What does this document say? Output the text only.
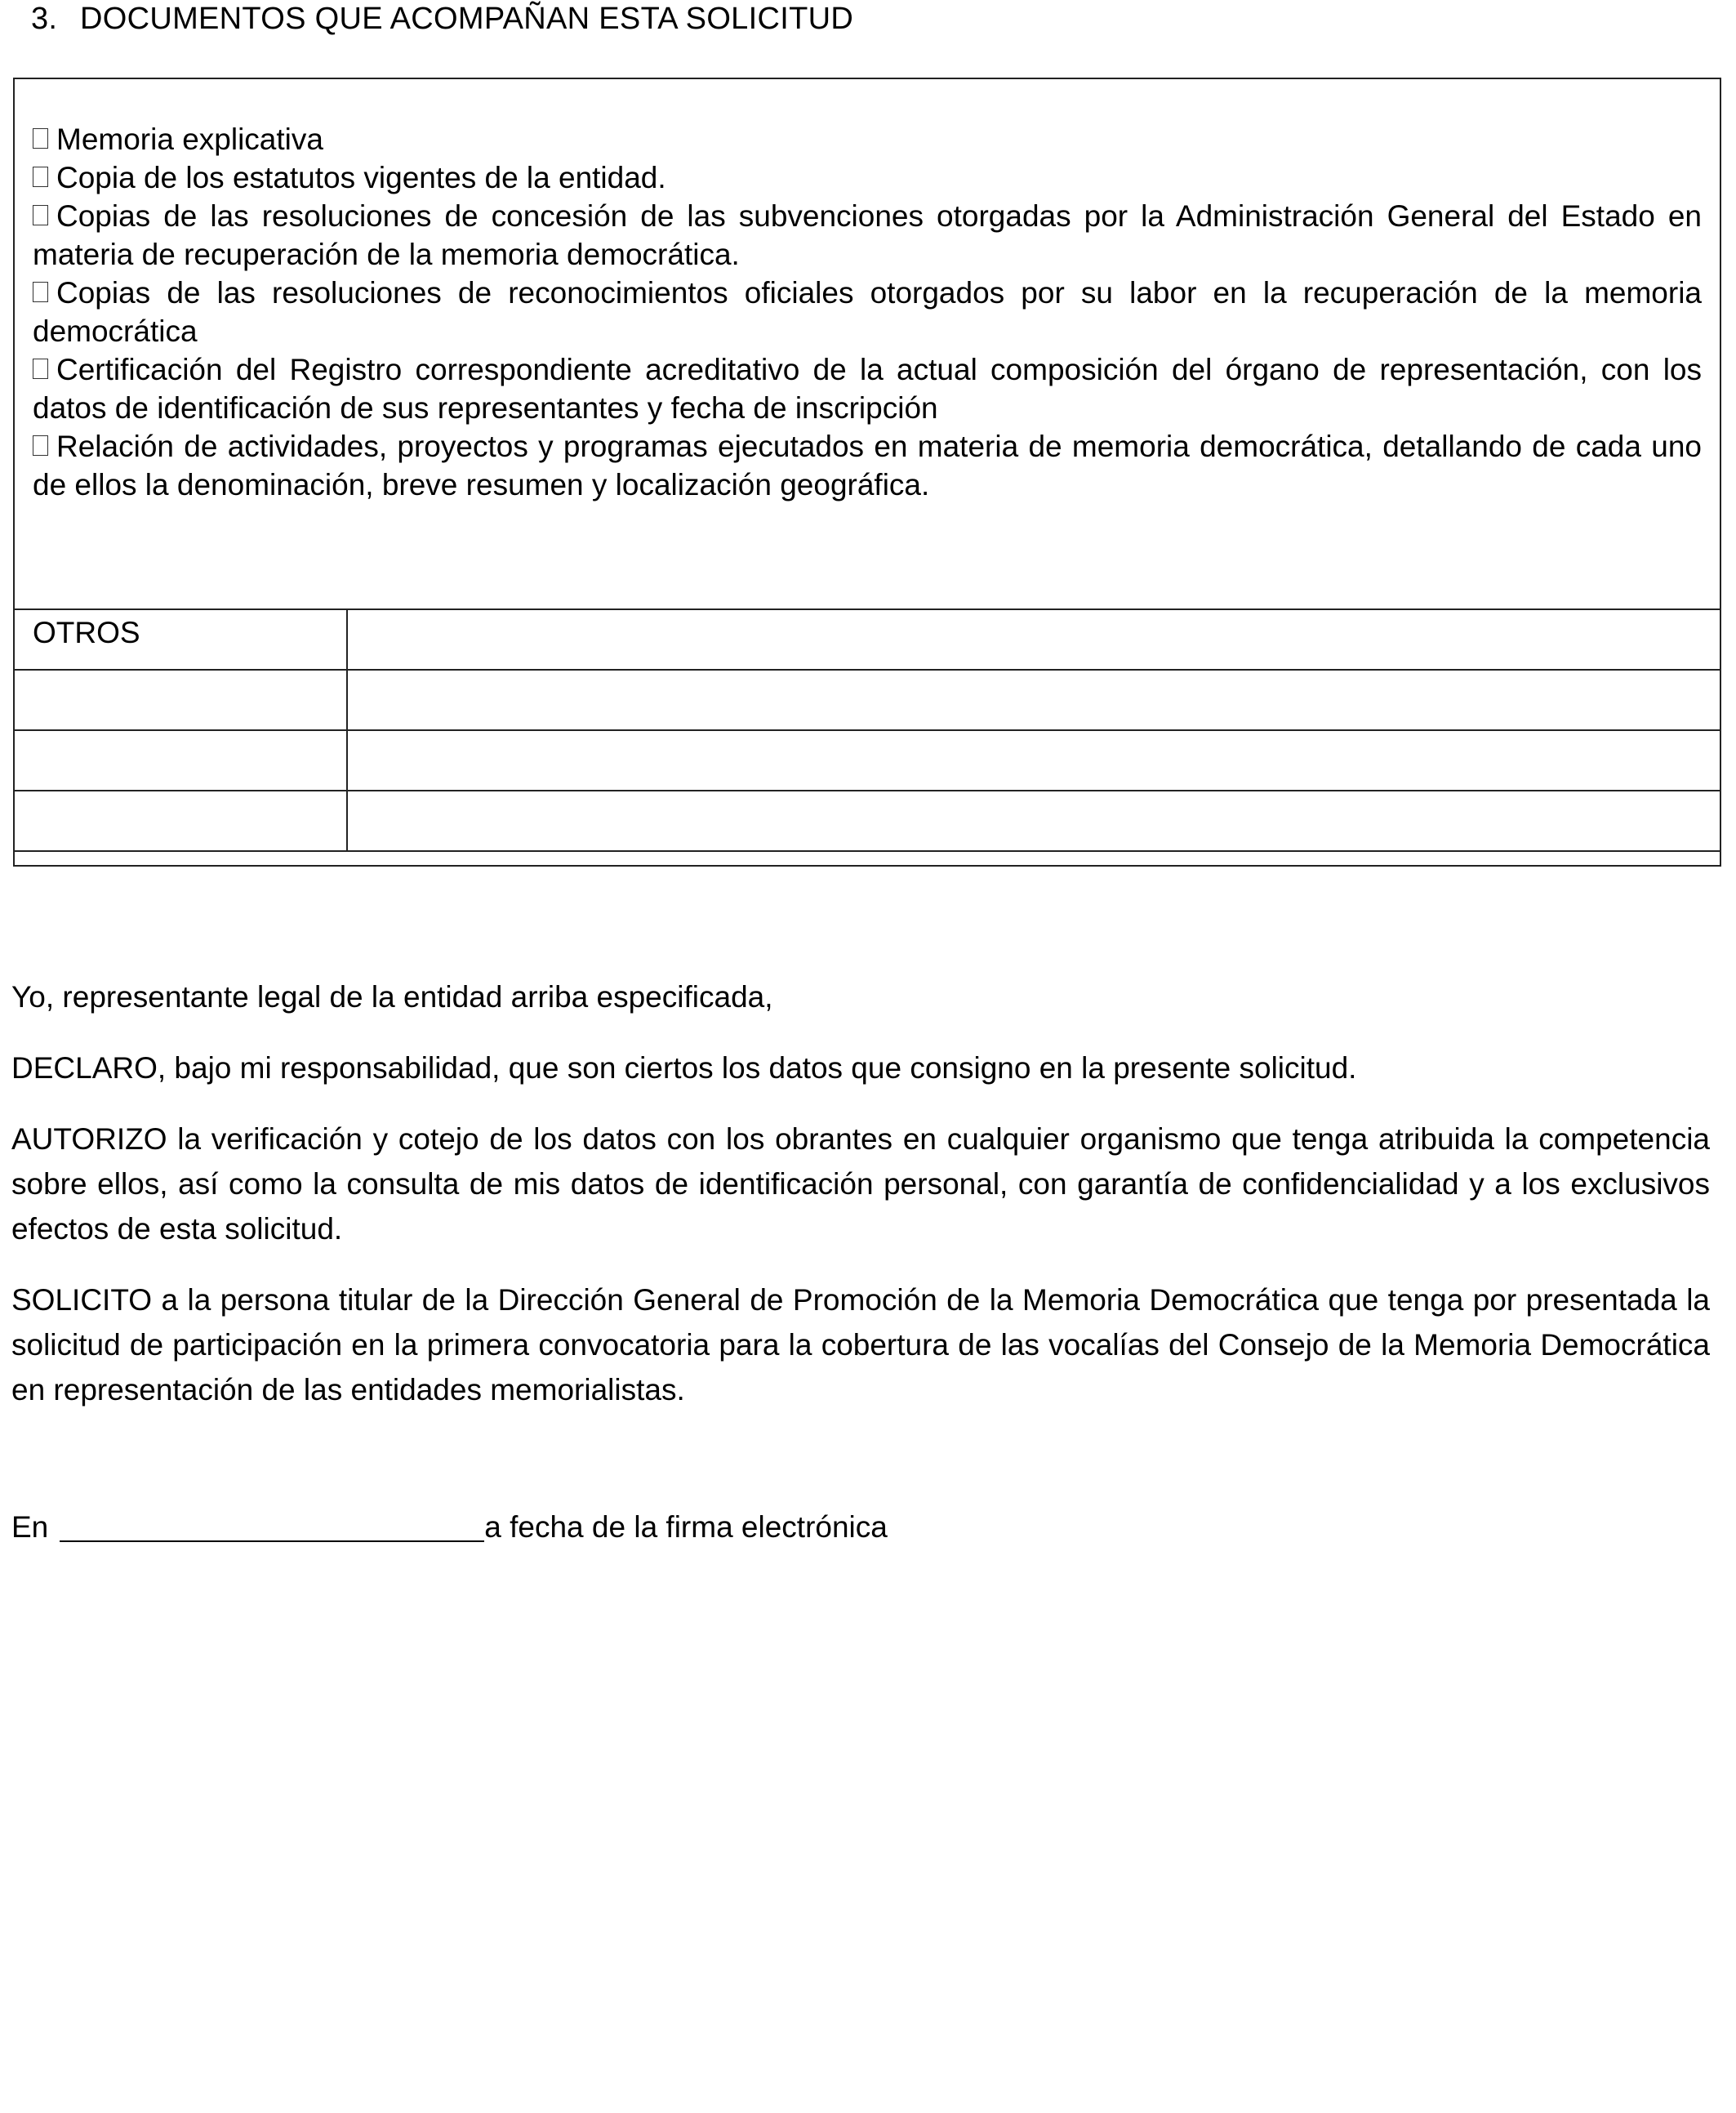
3. DOCUMENTOS QUE ACOMPAÑAN ESTA SOLICITUD
Memoria explicativa
Copia de los estatutos vigentes de la entidad.
Copias de las resoluciones de concesión de las subvenciones otorgadas por la Administración General del Estado en materia de recuperación de la memoria democrática.
Copias de las resoluciones de reconocimientos oficiales otorgados por su labor en la recuperación de la memoria democrática
Certificación del Registro correspondiente acreditativo de la actual composición del órgano de representación, con los datos de identificación de sus representantes y fecha de inscripción
Relación de actividades, proyectos y programas ejecutados en materia de memoria democrática, detallando de cada uno de ellos la denominación, breve resumen y localización geográfica.
OTROS

Yo, representante legal de la entidad arriba especificada,

DECLARO, bajo mi responsabilidad, que son ciertos los datos que consigno en la presente solicitud.

AUTORIZO la verificación y cotejo de los datos con los obrantes en cualquier organismo que tenga atribuida la competencia sobre ellos, así como la consulta de mis datos de identificación personal, con garantía de confidencialidad y a los exclusivos efectos de esta solicitud.

SOLICITO a la persona titular de la Dirección General de Promoción de la Memoria Democrática que tenga por presentada la solicitud de participación en la primera convocatoria para la cobertura de las vocalías del Consejo de la Memoria Democrática en representación de las entidades memorialistas.

En	a fecha de la firma electrónica
